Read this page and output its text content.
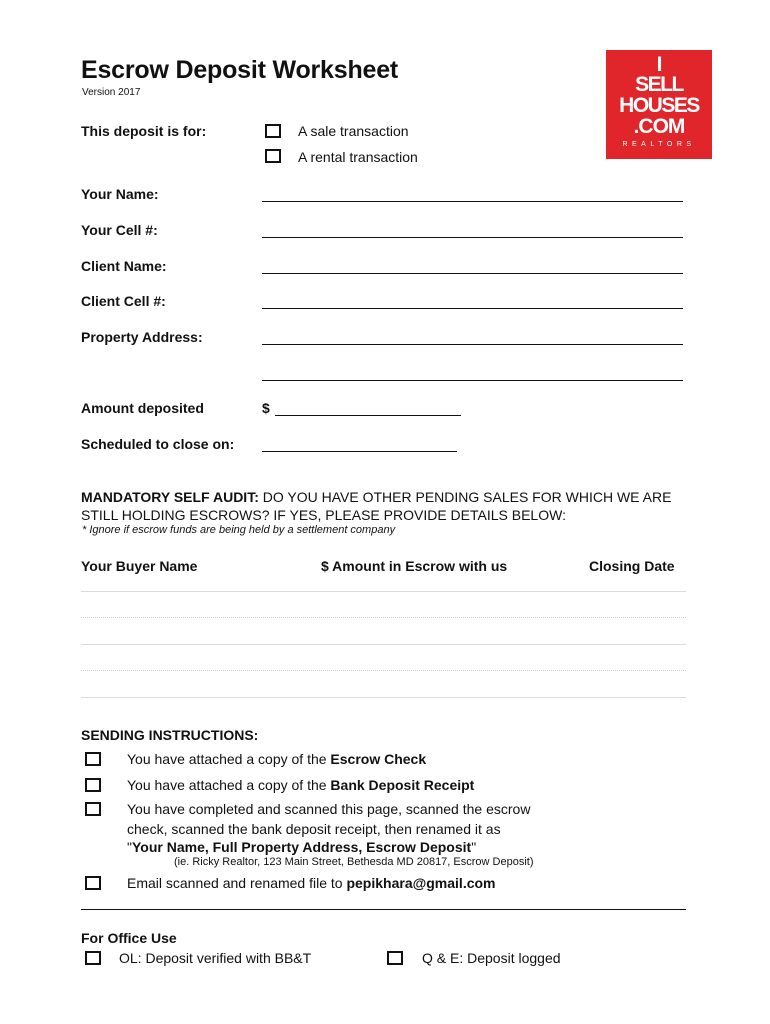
Escrow Deposit Worksheet
Version 2017
I
SELL
HOUSES
.COM
REALTORS
This deposit is for:	A sale transaction
A rental transaction
Your Name:
Your Cell #:
Client Name:
Client Cell #:
Property Address:
Amount deposited	$
Scheduled to close on:
MANDATORY SELF AUDIT: DO YOU HAVE OTHER PENDING SALES FOR WHICH WE ARE STILL HOLDING ESCROWS? IF YES, PLEASE PROVIDE DETAILS BELOW:
* Ignore if escrow funds are being held by a settlement company
Your Buyer Name	$ Amount in Escrow with us	Closing Date
SENDING INSTRUCTIONS:
You have attached a copy of the Escrow Check
You have attached a copy of the Bank Deposit Receipt
You have completed and scanned this page, scanned the escrow
check, scanned the bank deposit receipt, then renamed it as
"Your Name, Full Property Address, Escrow Deposit"
(ie. Ricky Realtor, 123 Main Street, Bethesda MD 20817, Escrow Deposit)
Email scanned and renamed file to pepikhara@gmail.com
For Office Use
OL: Deposit verified with BB&T	Q & E: Deposit logged
